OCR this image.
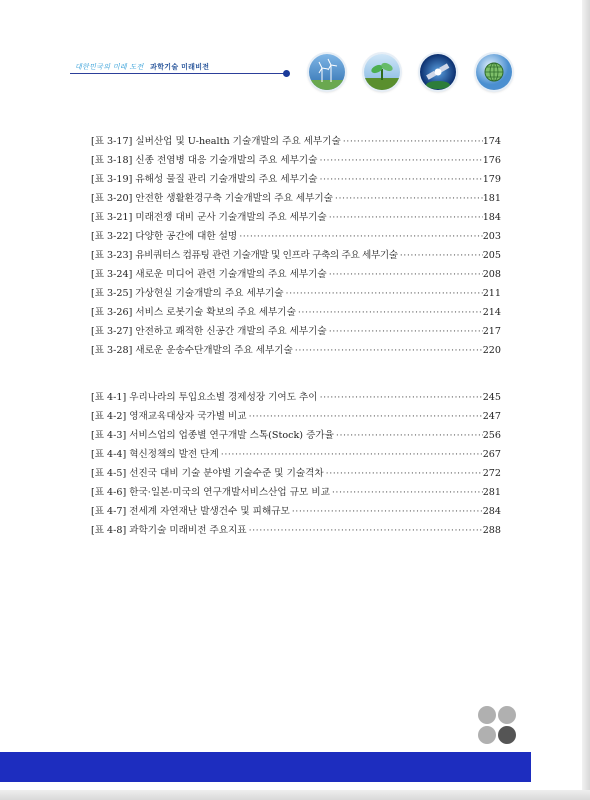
대한민국의 미래 도전 과학기술 미래비전
[표 3-17] 실버산업 및 U-health 기술개발의 주요 세부기술 ·····	174
[표 3-18] 신종 전염병 대응 기술개발의 주요 세부기술 ·····	176
[표 3-19] 유해성 물질 관리 기술개발의 주요 세부기술 ·····	179
[표 3-20] 안전한 생활환경구축 기술개발의 주요 세부기술 ·····	181
[표 3-21] 미래전쟁 대비 군사 기술개발의 주요 세부기술 ·····	184
[표 3-22] 다양한 공간에 대한 설명 ·····	203
[표 3-23] 유비쿼터스 컴퓨팅 관련 기술개발 및 인프라 구축의 주요 세부기술 ·····	205
[표 3-24] 새로운 미디어 관련 기술개발의 주요 세부기술 ·····	208
[표 3-25] 가상현실 기술개발의 주요 세부기술 ·····	211
[표 3-26] 서비스 로봇기술 확보의 주요 세부기술 ·····	214
[표 3-27] 안전하고 쾌적한 신공간 개발의 주요 세부기술 ·····	217
[표 3-28] 새로운 운송수단개발의 주요 세부기술 ·····	220
[표 4-1] 우리나라의 투입요소별 경제성장 기여도 추이 ·····	245
[표 4-2] 영재교육대상자 국가별 비교 ·····	247
[표 4-3] 서비스업의 업종별 연구개발 스톡(Stock) 증가율 ·····	256
[표 4-4] 혁신정책의 발전 단계 ·····	267
[표 4-5] 선진국 대비 기술 분야별 기술수준 및 기술격차 ·····	272
[표 4-6] 한국·일본·미국의 연구개발서비스산업 규모 비교 ·····	281
[표 4-7] 전세계 자연재난 발생건수 및 피해규모 ·····	284
[표 4-8] 과학기술 미래비전 주요지표 ·····	288
